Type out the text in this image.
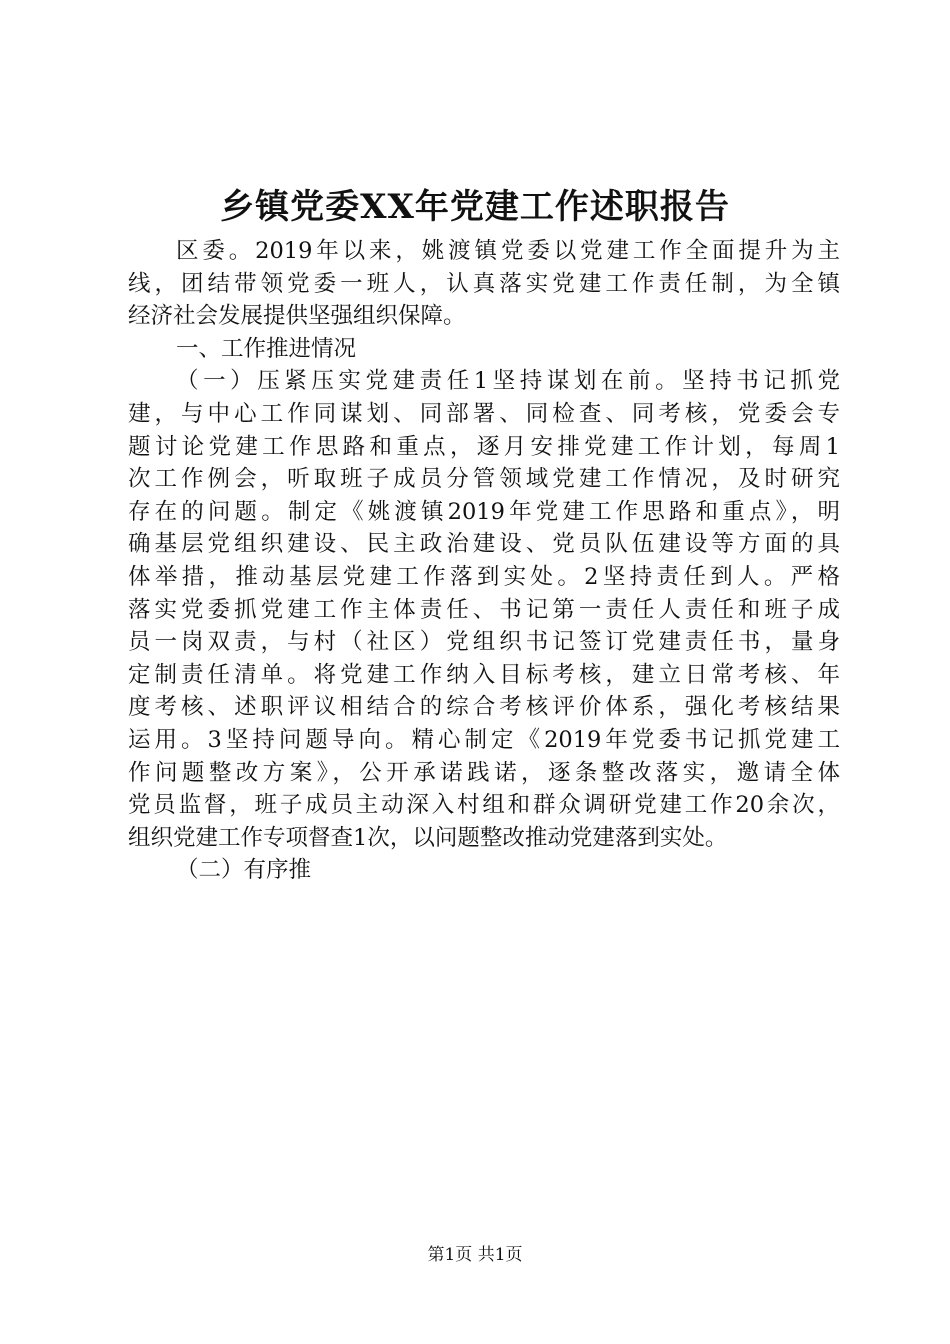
乡镇党委XX年党建工作述职报告
区委。2019年以来，姚渡镇党委以党建工作全面提升为主
线，团结带领党委一班人，认真落实党建工作责任制，为全镇
经济社会发展提供坚强组织保障。
一、工作推进情况
（一）压紧压实党建责任1坚持谋划在前。坚持书记抓党
建，与中心工作同谋划、同部署、同检查、同考核，党委会专
题讨论党建工作思路和重点，逐月安排党建工作计划，每周1
次工作例会，听取班子成员分管领域党建工作情况，及时研究
存在的问题。制定《姚渡镇2019年党建工作思路和重点》，明
确基层党组织建设、民主政治建设、党员队伍建设等方面的具
体举措，推动基层党建工作落到实处。2坚持责任到人。严格
落实党委抓党建工作主体责任、书记第一责任人责任和班子成
员一岗双责，与村（社区）党组织书记签订党建责任书，量身
定制责任清单。将党建工作纳入目标考核，建立日常考核、年
度考核、述职评议相结合的综合考核评价体系，强化考核结果
运用。3坚持问题导向。精心制定《2019年党委书记抓党建工
作问题整改方案》，公开承诺践诺，逐条整改落实，邀请全体
党员监督，班子成员主动深入村组和群众调研党建工作20余次，
组织党建工作专项督查1次，以问题整改推动党建落到实处。
（二）有序推
第1页 共1页
